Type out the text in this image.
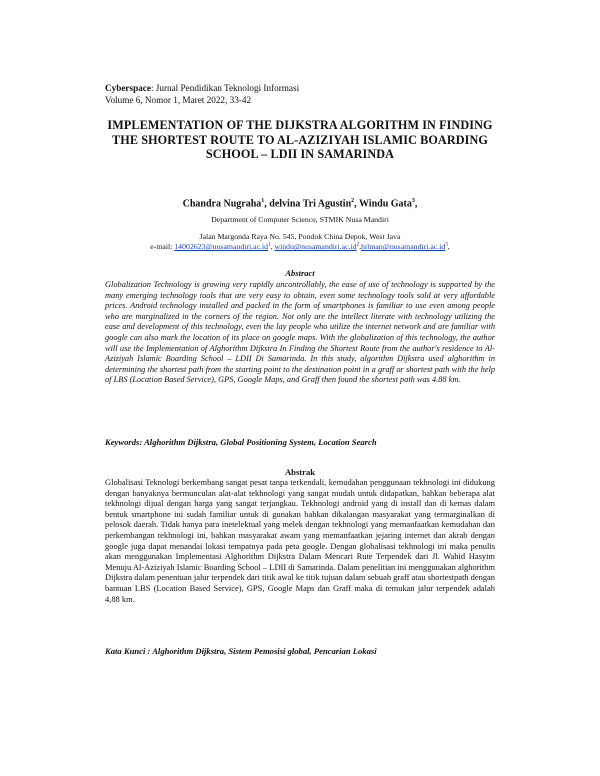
Cyberspace: Jurnal Pendidikan Teknologi Informasi
Volume 6, Nomor 1, Maret 2022, 33-42
IMPLEMENTATION OF THE DIJKSTRA ALGORITHM IN FINDING THE SHORTEST ROUTE TO AL-AZIZIYAH ISLAMIC BOARDING SCHOOL – LDII IN SAMARINDA
Chandra Nugraha$^1$, delvina Tri Agustin$^2$, Windu Gata$^3$,
Department of Computer Science, STMIK Nusa Mandiri
Jalan Margonda Raya No. 545, Pondok China Depok, West Java
e-mail: $14002623@nusamandiri.ac.id^1$, $windu@nusamandiri.ac.id^2,hilman@nusamandiri.ac.id^3$,
Abstract
Globalization Technology is growing very rapidly uncontrollably, the ease of use of technology is supported by the many emerging technology tools that are very easy to obtain, even some technology tools sold at very affordable prices. Android technology installed and packed in the form of smartphones is familiar to use even among people who are marginalized in the corners of the region. Not only are the intellect literate with technology utilizing the ease and development of this technology, even the lay people who utilize the internet network and are familiar with google can also mark the location of its place on google maps. With the globalization of this technology, the author will use the Implementation of Alghorithm Dijkstra In Finding the Shortest Route from the author's residence to Al-Aziziyah Islamic Boarding School – LDII Di Samarinda. In this study, algorithm Dijkstra used alghorithm in determining the shortest path from the starting point to the destination point in a graff or shortest path with the help of LBS (Location Based Service), GPS, Google Maps, and Graff then found the shortest path was 4.88 km.
Keywords: Alghorithm Dijkstra, Global Positioning System, Location Search
Abstrak
Globalisasi Teknologi berkembang sangat pesat tanpa terkendali, kemudahan penggunaan tekhnologi ini didukung dengan banyaknya bermunculan alat-alat tekhnologi yang sangat mudah untuk didapatkan, bahkan beberapa alat tekhnologi dijual dengan harga yang sangat terjangkau. Tekhnologi android yang di install dan di kemas dalam bentuk smartphone ini sudah familiar untuk di gunakan bahkan dikalangan masyarakat yang termarginalkan di pelosok daerah. Tidak hanya para inetelektual yang melek dengan tekhnologi yang memanfaatkan kemudahan dan perkembangan tekhnologi ini, bahkan masyarakat awam yang memanfaatkan jejaring internet dan akrab dengan google juga dapat menandai lokasi tempatnya pada peta google. Dengan globalisasi tekhnologi ini maka penulis akan menggunakan Implementasi Alghorithm Dijkstra Dalam Mencari Rute Terpendek dari Jl. Wahid Hasyim Menuju Al-Aziziyah Islamic Boarding School – LDII di Samarinda. Dalam penelitian ini menggunakan alghorithm Dijkstra dalam penentuan jalur terpendek dari titik awal ke titik tujuan dalam sebuah graff atau shortestpath dengan bantuan LBS (Location Based Service), GPS, Google Maps dan Graff maka di temukan jalur terpendek adalah 4,88 km.
Kata Kunci : Alghorithm Dijkstra, Sistem Pemosisi global, Pencarian Lokasi
